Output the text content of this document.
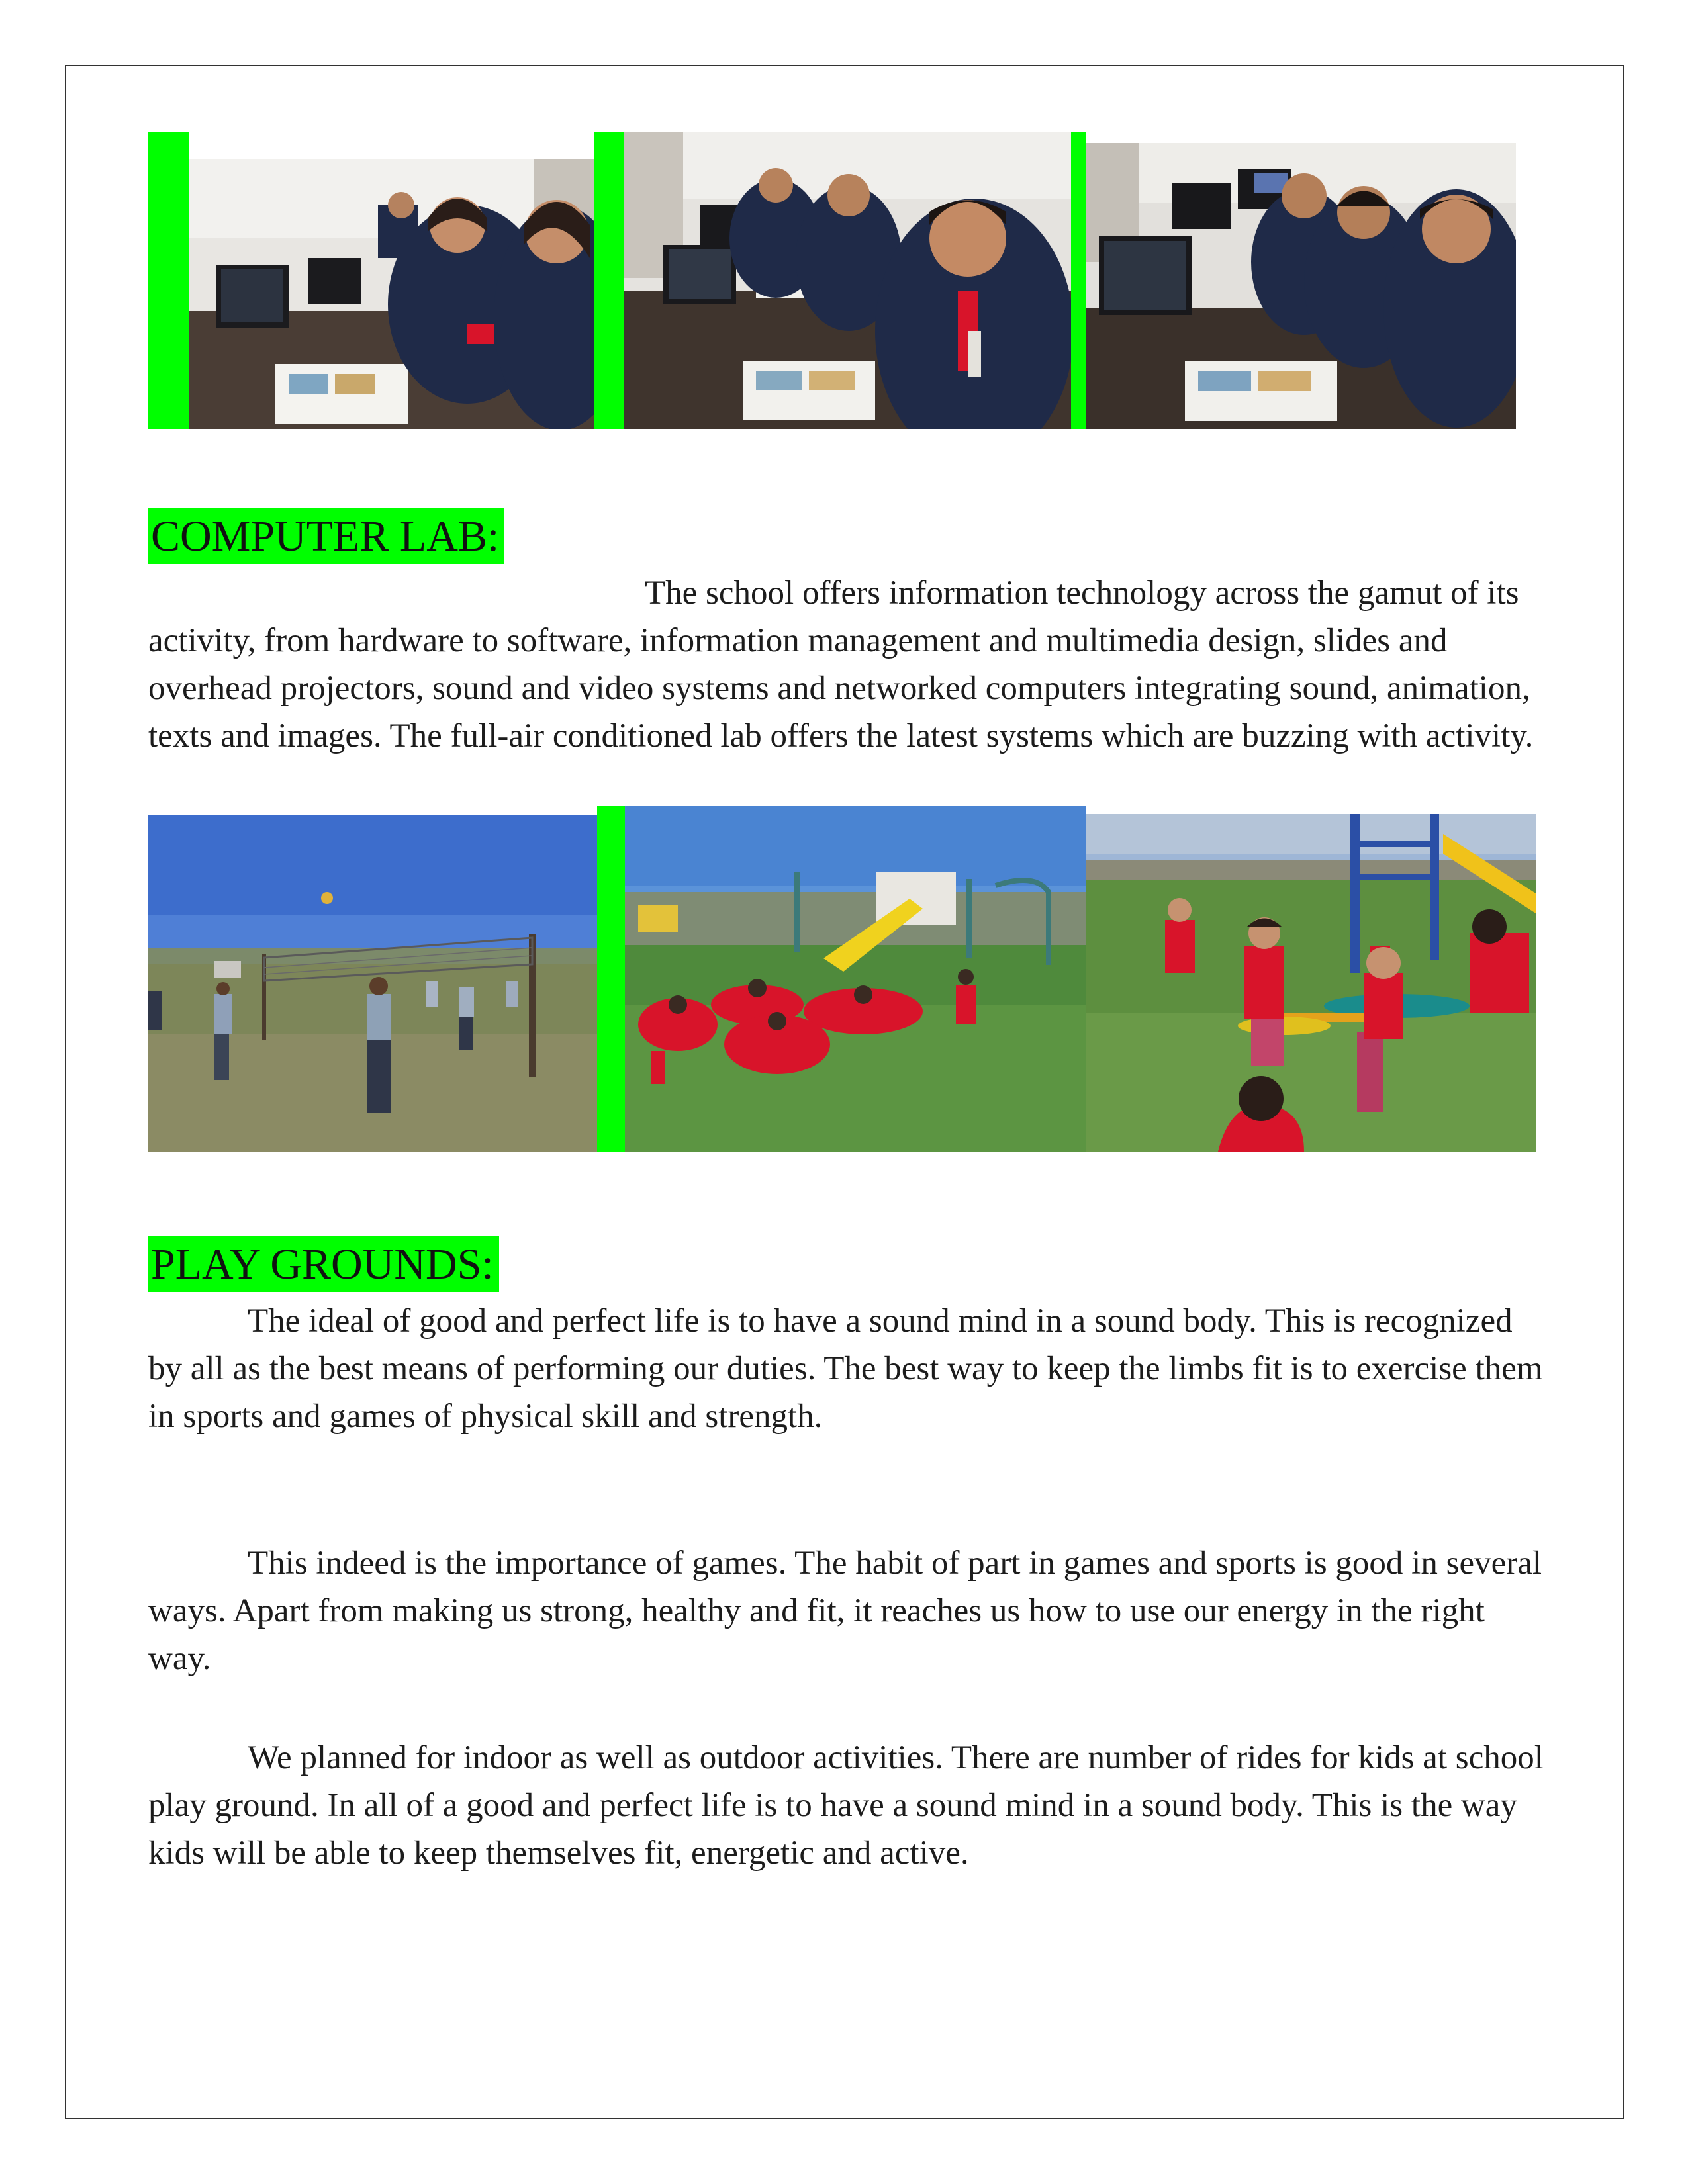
COMPUTER LAB:

The school offers information technology across the gamut of its activity, from hardware to software, information management and multimedia design, slides and overhead projectors, sound and video systems and networked computers integrating sound, animation, texts and images. The full-air conditioned lab offers the latest systems which are buzzing with activity.

PLAY GROUNDS:

The ideal of good and perfect life is to have a sound mind in a sound body. This is recognized by all as the best means of performing our duties. The best way to keep the limbs fit is to exercise them in sports and games of physical skill and strength.

This indeed is the importance of games. The habit of part in games and sports is good in several ways. Apart from making us strong, healthy and fit, it reaches us how to use our energy in the right way.

We planned for indoor as well as outdoor activities. There are number of rides for kids at school play ground. In all of a good and perfect life is to have a sound mind in a sound body. This is the way kids will be able to keep themselves fit, energetic and active.
